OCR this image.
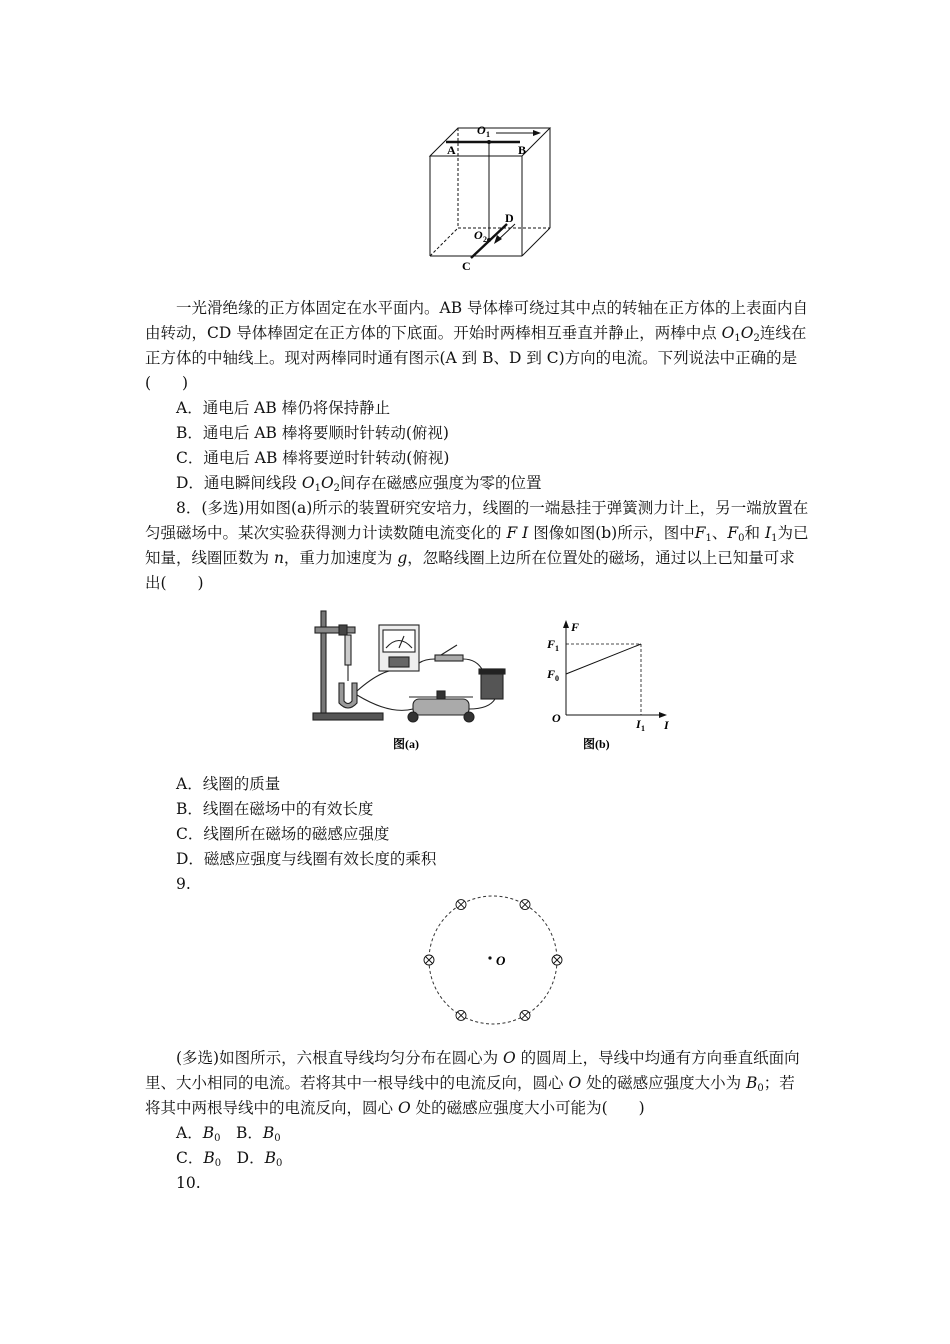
O 1
A	B
O 2
D
C

一光滑绝缘的正方体固定在水平面内。AB 导体棒可绕过其中点的转轴在正方体的上表面内自由转动，CD 导体棒固定在正方体的下底面。开始时两棒相互垂直并静止，两棒中点 $O_1O_2$连线在正方体的中轴线上。现对两棒同时通有图示(A 到 B、D 到 C)方向的电流。下列说法中正确的是(　　)

A．通电后 AB 棒仍将保持静止

B．通电后 AB 棒将要顺时针转动(俯视)

C．通电后 AB 棒将要逆时针转动(俯视)

D．通电瞬间线段 $O_1O_2$间存在磁感应强度为零的位置

8．(多选)用如图(a)所示的装置研究安培力，线圈的一端悬挂于弹簧测力计上，另一端放置在匀强磁场中。某次实验获得测力计读数随电流变化的 F I 图像如图(b)所示，图中$F_1$、$F_0$和 $I_1$为已知量，线圈匝数为 n，重力加速度为 g，忽略线圈上边所在位置处的磁场，通过以上已知量可求出(　　)

图(a)
F
I
O
F 1
F 0
I 1
图(b)

A．线圈的质量

B．线圈在磁场中的有效长度

C．线圈所在磁场的磁感应强度

D．磁感应强度与线圈有效长度的乘积

9.

O

(多选)如图所示，六根直导线均匀分布在圆心为 O 的圆周上，导线中均通有方向垂直纸面向里、大小相同的电流。若将其中一根导线中的电流反向，圆心 O 处的磁感应强度大小为 $B_0$；若将其中两根导线中的电流反向，圆心 O 处的磁感应强度大小可能为(　　)

A．$B_0$　B．$B_0$

C．$B_0$　D．$B_0$

10.
